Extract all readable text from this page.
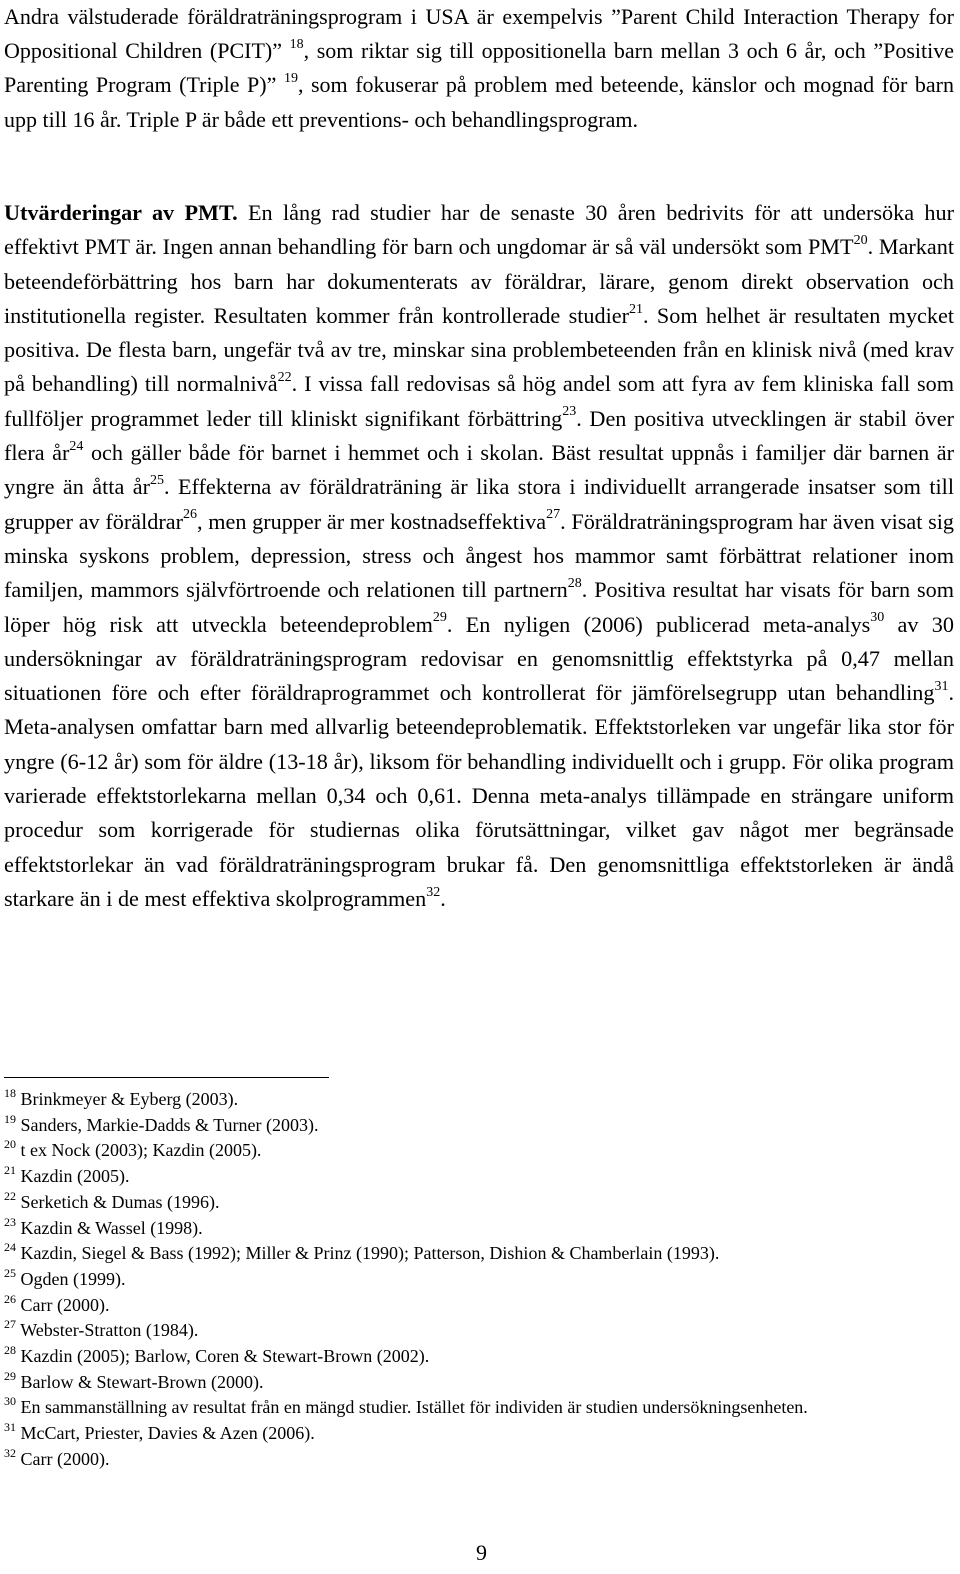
Andra välstuderade föräldraträningsprogram i USA är exempelvis ”Parent Child Interaction Therapy for Oppositional Children (PCIT)” $^{18}$, som riktar sig till oppositionella barn mellan 3 och 6 år, och ”Positive Parenting Program (Triple P)” $^{19}$, som fokuserar på problem med beteende, känslor och mognad för barn upp till 16 år. Triple P är både ett preventions- och behandlingsprogram.

Utvärderingar av PMT. En lång rad studier har de senaste 30 åren bedrivits för att undersöka hur effektivt PMT är. Ingen annan behandling för barn och ungdomar är så väl undersökt som PMT$^{20}$. Markant beteendeförbättring hos barn har dokumenterats av föräldrar, lärare, genom direkt observation och institutionella register. Resultaten kommer från kontrollerade studier$^{21}$. Som helhet är resultaten mycket positiva. De flesta barn, ungefär två av tre, minskar sina problembeteenden från en klinisk nivå (med krav på behandling) till normalnivå$^{22}$. I vissa fall redovisas så hög andel som att fyra av fem kliniska fall som fullföljer programmet leder till kliniskt signifikant förbättring$^{23}$. Den positiva utvecklingen är stabil över flera $år^{24}$ och gäller både för barnet i hemmet och i skolan. Bäst resultat uppnås i familjer där barnen är yngre än åtta $år^{25}$. Effekterna av föräldraträning är lika stora i individuellt arrangerade insatser som till grupper av föräldrar$^{26}$, men grupper är mer kostnadseffektiva$^{27}$. Föräldraträningsprogram har även visat sig minska syskons problem, depression, stress och ångest hos mammor samt förbättrat relationer inom familjen, mammors självförtroende och relationen till partnern$^{28}$. Positiva resultat har visats för barn som löper hög risk att utveckla beteendeproblem$^{29}$. En nyligen (2006) publicerad meta-analys$^{30}$ av 30 undersökningar av föräldraträningsprogram redovisar en genomsnittlig effektstyrka på 0,47 mellan situationen före och efter föräldraprogrammet och kontrollerat för jämförelsegrupp utan behandling$^{31}$. Meta-analysen omfattar barn med allvarlig beteendeproblematik. Effektstorleken var ungefär lika stor för yngre (6-12 år) som för äldre (13-18 år), liksom för behandling individuellt och i grupp. För olika program varierade effektstorlekarna mellan 0,34 och 0,61. Denna meta-analys tillämpade en strängare uniform procedur som korrigerade för studiernas olika förutsättningar, vilket gav något mer begränsade effektstorlekar än vad föräldraträningsprogram brukar få. Den genomsnittliga effektstorleken är ändå starkare än i de mest effektiva skolprogrammen$^{32}$.

$^{18}$ Brinkmeyer & Eyberg (2003).
$^{19}$ Sanders, Markie-Dadds & Turner (2003).
$^{20}$ t ex Nock (2003); Kazdin (2005).
$^{21}$ Kazdin (2005).
$^{22}$ Serketich & Dumas (1996).
$^{23}$ Kazdin & Wassel (1998).
$^{24}$ Kazdin, Siegel & Bass (1992); Miller & Prinz (1990); Patterson, Dishion & Chamberlain (1993).
$^{25}$ Ogden (1999).
$^{26}$ Carr (2000).
$^{27}$ Webster-Stratton (1984).
$^{28}$ Kazdin (2005); Barlow, Coren & Stewart-Brown (2002).
$^{29}$ Barlow & Stewart-Brown (2000).
$^{30}$ En sammanställning av resultat från en mängd studier. Istället för individen är studien undersökningsenheten.
$^{31}$ McCart, Priester, Davies & Azen (2006).
$^{32}$ Carr (2000).
9
